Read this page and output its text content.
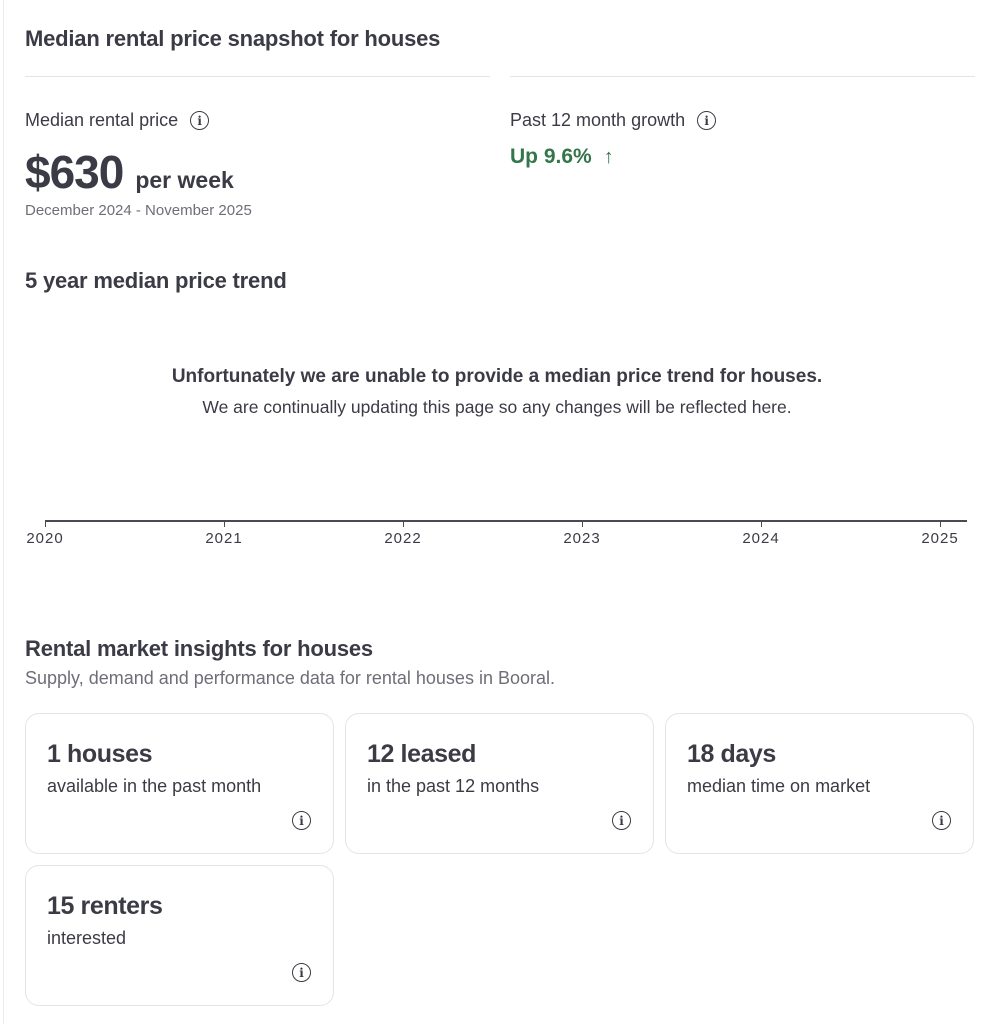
Median rental price snapshot for houses
Median rental price	i
$630 per week
December 2024 - November 2025
Past 12 month growth	i
Up 9.6% ↑
5 year median price trend
Unfortunately we are unable to provide a median price trend for houses.
We are continually updating this page so any changes will be reflected here.
2020	2021	2022	2023	2024	2025
Rental market insights for houses
Supply, demand and performance data for rental houses in Booral.
1 houses
available in the past month
i
12 leased
in the past 12 months
i
18 days
median time on market
i
15 renters
interested
i
